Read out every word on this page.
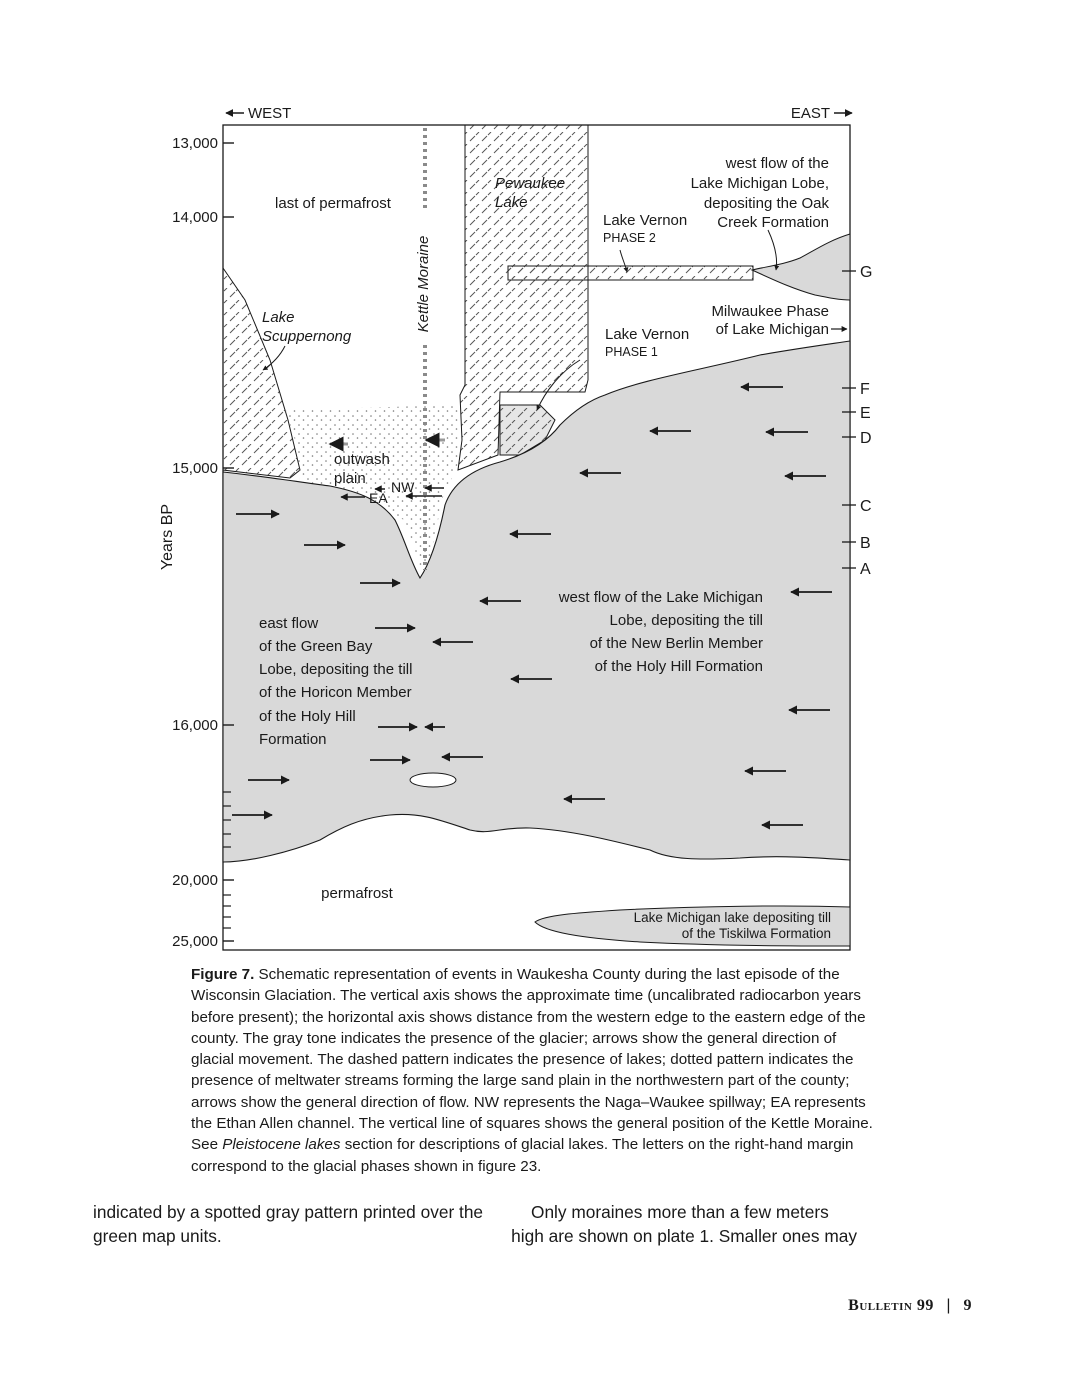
WEST	EAST
13,000
14,000
15,000
16,000
20,000
25,000
Years BP
G
F
E
D
C
B
A
last of permafrost
Kettle Moraine
Pewaukee
Lake
west flow of the
Lake Michigan Lobe,
depositing the Oak
Creek Formation
Lake Vernon
PHASE 2
Milwaukee Phase
of Lake Michigan
Lake Vernon
PHASE 1
Lake
Scuppernong
outwash
plain NW
EA
west flow of the Lake Michigan
Lobe, depositing the till
of the New Berlin Member
of the Holy Hill Formation
east flow
of the Green Bay
Lobe, depositing the till
of the Horicon Member
of the Holy Hill
Formation
permafrost
Lake Michigan lake depositing till
of the Tiskilwa Formation
Figure 7. Schematic representation of events in Waukesha County during the last episode of the Wisconsin Glaciation. The vertical axis shows the approximate time (uncalibrated radiocarbon years before present); the horizontal axis shows distance from the western edge to the eastern edge of the county. The gray tone indicates the presence of the glacier; arrows show the general direction of glacial movement. The dashed pattern indicates the presence of lakes; dotted pattern indicates the presence of meltwater streams forming the large sand plain in the northwestern part of the county; arrows show the general direction of flow. NW represents the Naga–Waukee spillway; EA represents the Ethan Allen channel. The vertical line of squares shows the general position of the Kettle Moraine. See Pleistocene lakes section for descriptions of glacial lakes. The letters on the right-hand margin correspond to the glacial phases shown in figure 23.
indicated by a spotted gray pattern printed over the green map units.
Only moraines more than a few meters
high are shown on plate 1. Smaller ones may
Bulletin 99 | 9
